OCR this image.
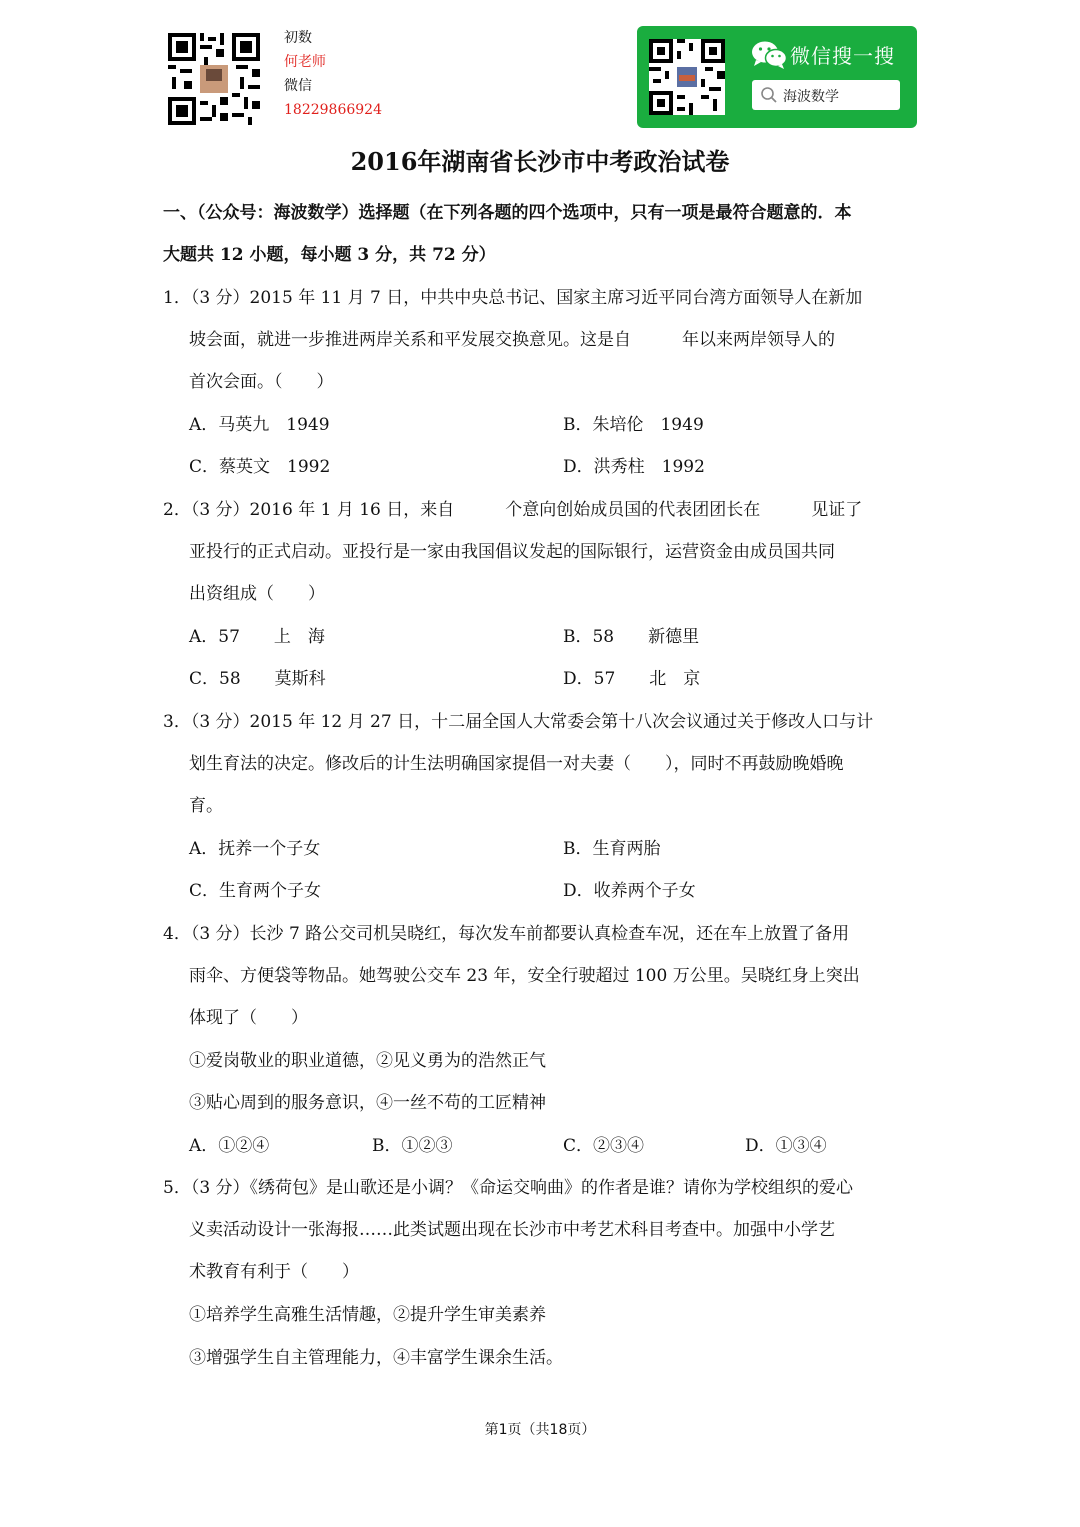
初数
何老师
微信
18229866924
微信搜一搜
海波数学
2016年湖南省长沙市中考政治试卷
一、（公众号：海波数学）选择题（在下列各题的四个选项中，只有一项是最符合题意的．本
大题共 12 小题，每小题 3 分，共 72 分）
1．（3 分）2015 年 11 月 7 日，中共中央总书记、国家主席习近平同台湾方面领导人在新加
坡会面，就进一步推进两岸关系和平发展交换意见。这是自　　　年以来两岸领导人的
首次会面。（　　）
A．马英九　1949	B．朱培伦　1949
C．蔡英文　1992	D．洪秀柱　1992
2．（3 分）2016 年 1 月 16 日，来自　　　个意向创始成员国的代表团团长在　　　见证了
亚投行的正式启动。亚投行是一家由我国倡议发起的国际银行，运营资金由成员国共同
出资组成（　　）
A．57　　上　海	B．58　　新德里
C．58　　莫斯科	D．57　　北　京
3．（3 分）2015 年 12 月 27 日，十二届全国人大常委会第十八次会议通过关于修改人口与计
划生育法的决定。修改后的计生法明确国家提倡一对夫妻（　　），同时不再鼓励晚婚晚
育。
A．抚养一个子女	B．生育两胎
C．生育两个子女	D．收养两个子女
4．（3 分）长沙 7 路公交司机吴晓红，每次发车前都要认真检查车况，还在车上放置了备用
雨伞、方便袋等物品。她驾驶公交车 23 年，安全行驶超过 100 万公里。吴晓红身上突出
体现了（　　）
①爱岗敬业的职业道德，②见义勇为的浩然正气
③贴心周到的服务意识，④一丝不苟的工匠精神
A．①②④	B．①②③	C．②③④	D．①③④
5．（3 分）《绣荷包》是山歌还是小调？《命运交响曲》的作者是谁？请你为学校组织的爱心
义卖活动设计一张海报……此类试题出现在长沙市中考艺术科目考查中。加强中小学艺
术教育有利于（　　）
①培养学生高雅生活情趣，②提升学生审美素养
③增强学生自主管理能力，④丰富学生课余生活。
第1页（共18页）
